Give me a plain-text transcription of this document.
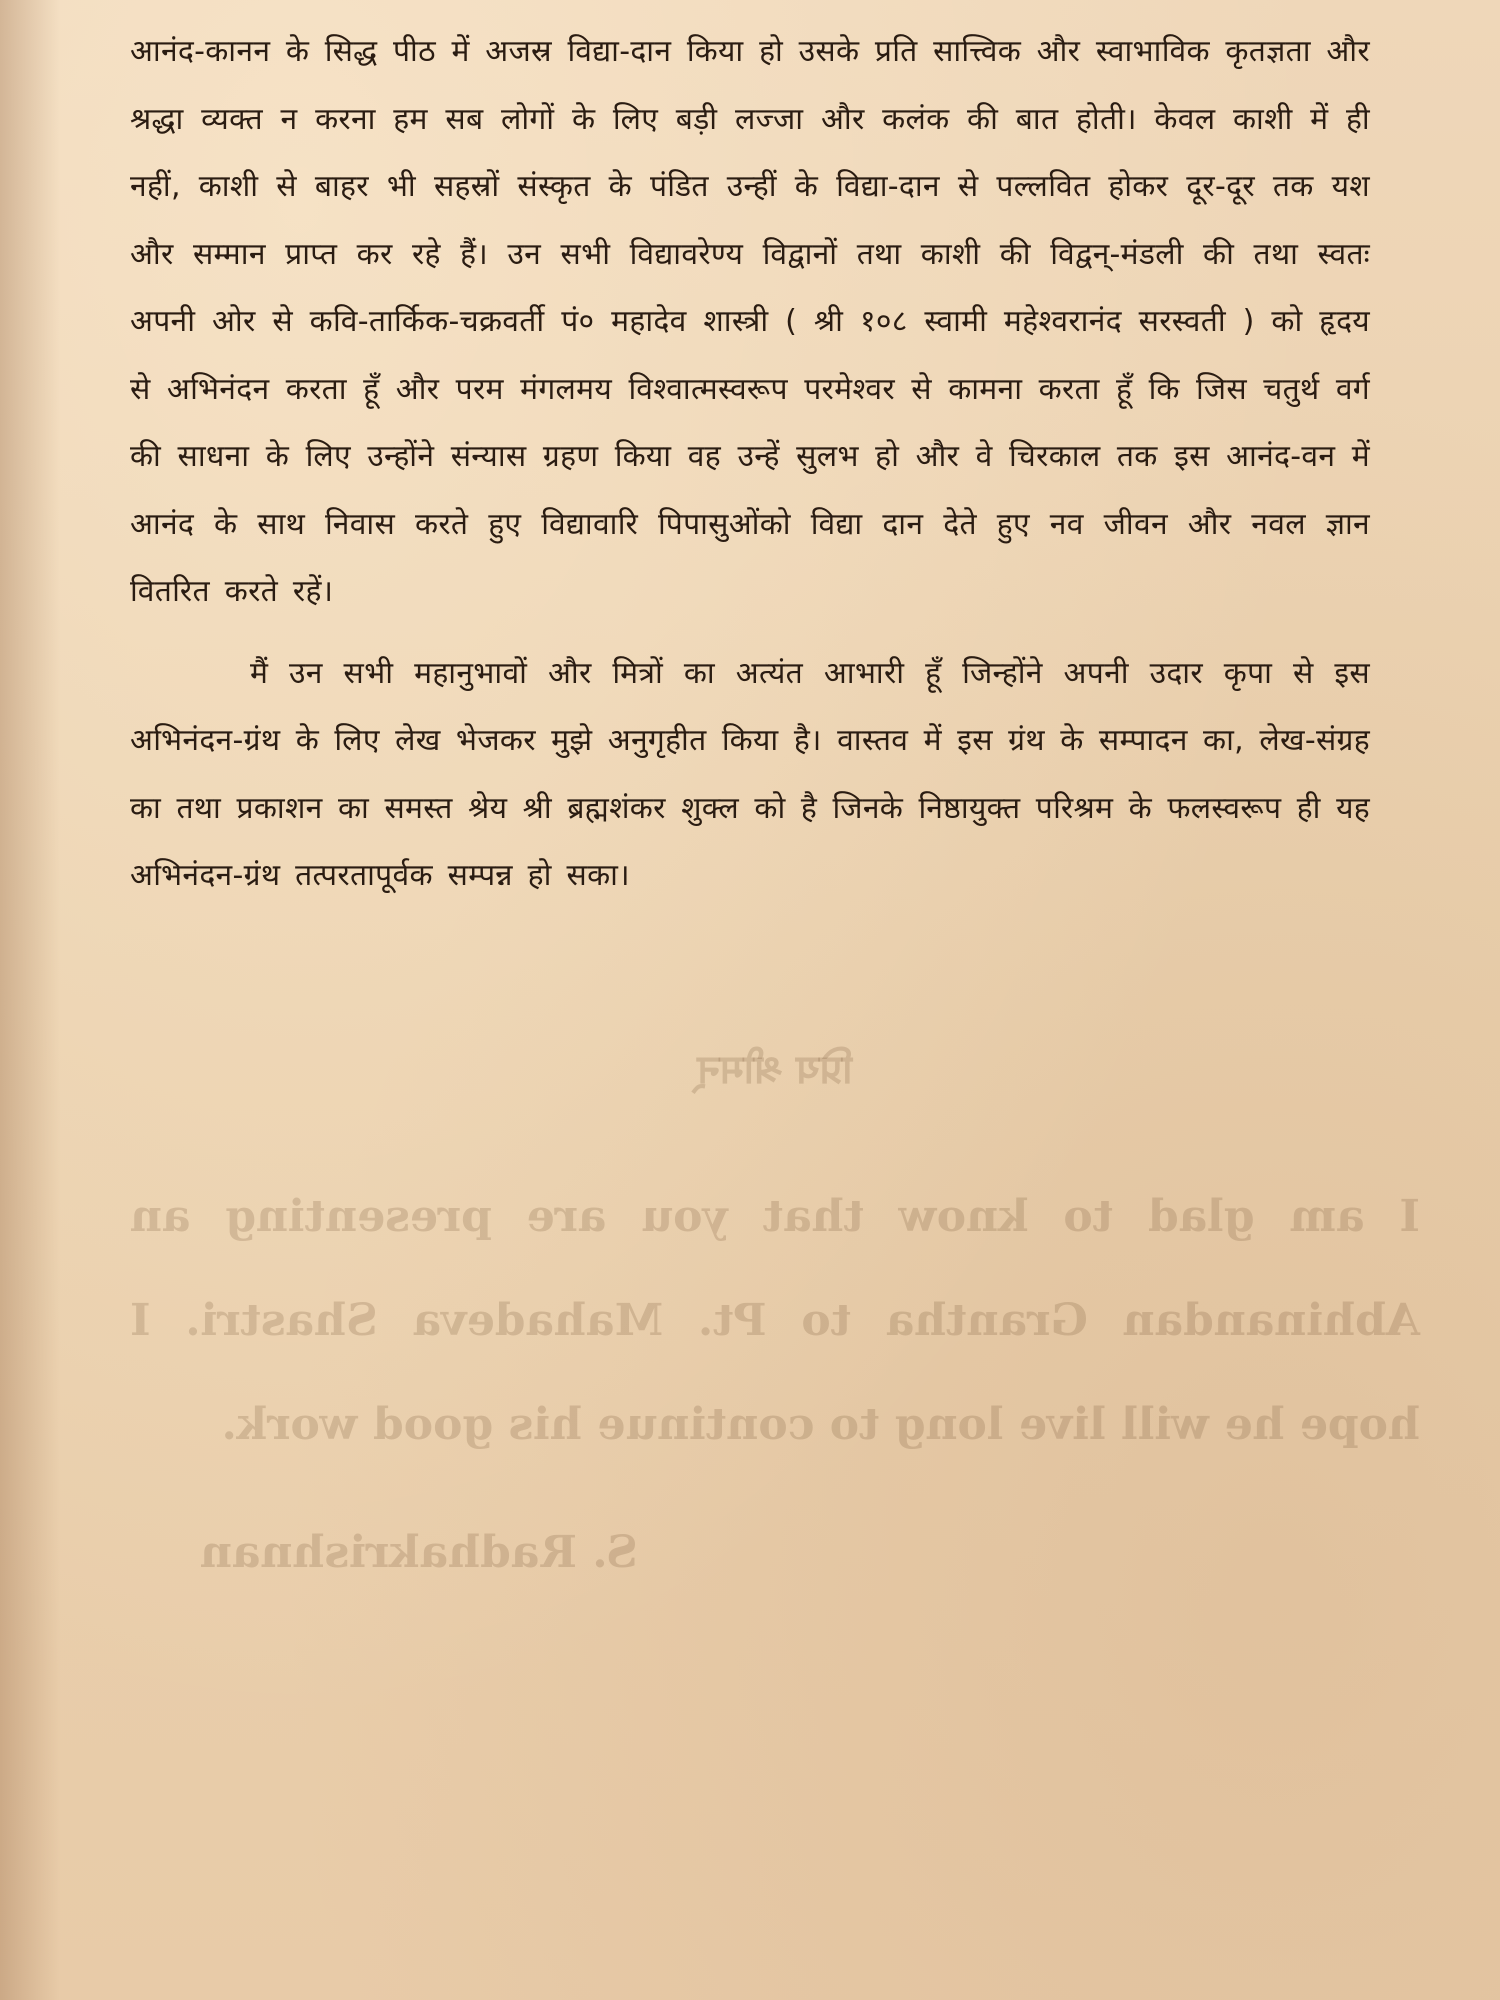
आनंद-कानन के सिद्ध पीठ में अजस्र विद्या-दान किया हो उसके प्रति सात्त्विक और स्वाभाविक कृतज्ञता और श्रद्धा व्यक्त न करना हम सब लोगों के लिए बड़ी लज्जा और कलंक की बात होती। केवल काशी में ही नहीं, काशी से बाहर भी सहस्रों संस्कृत के पंडित उन्हीं के विद्या-दान से पल्लवित होकर दूर-दूर तक यश और सम्मान प्राप्त कर रहे हैं। उन सभी विद्यावरेण्य विद्वानों तथा काशी की विद्वन्-मंडली की तथा स्वतः अपनी ओर से कवि-तार्किक-चक्रवर्ती पं० महादेव शास्त्री ( श्री १०८ स्वामी महेश्वरानंद सरस्वती ) को हृदय से अभिनंदन करता हूँ और परम मंगलमय विश्वात्मस्वरूप परमेश्वर से कामना करता हूँ कि जिस चतुर्थ वर्ग की साधना के लिए उन्होंने संन्यास ग्रहण किया वह उन्हें सुलभ हो और वे चिरकाल तक इस आनंद-वन में आनंद के साथ निवास करते हुए विद्यावारि पिपासुओंको विद्या दान देते हुए नव जीवन और नवल ज्ञान वितरित करते रहें।

मैं उन सभी महानुभावों और मित्रों का अत्यंत आभारी हूँ जिन्होंने अपनी उदार कृपा से इस अभिनंदन-ग्रंथ के लिए लेख भेजकर मुझे अनुगृहीत किया है। वास्तव में इस ग्रंथ के सम्पादन का, लेख-संग्रह का तथा प्रकाशन का समस्त श्रेय श्री ब्रह्मशंकर शुक्ल को है जिनके निष्ठायुक्त परिश्रम के फलस्वरूप ही यह अभिनंदन-ग्रंथ तत्परतापूर्वक सम्पन्न हो सका।

प्रिय श्रीमन्

I am glad to know that you are presenting an Abhinandan Grantha to Pt. Mahadeva Shastri. I hope he will live long to continue his good work.

S. Radhakrishnan
